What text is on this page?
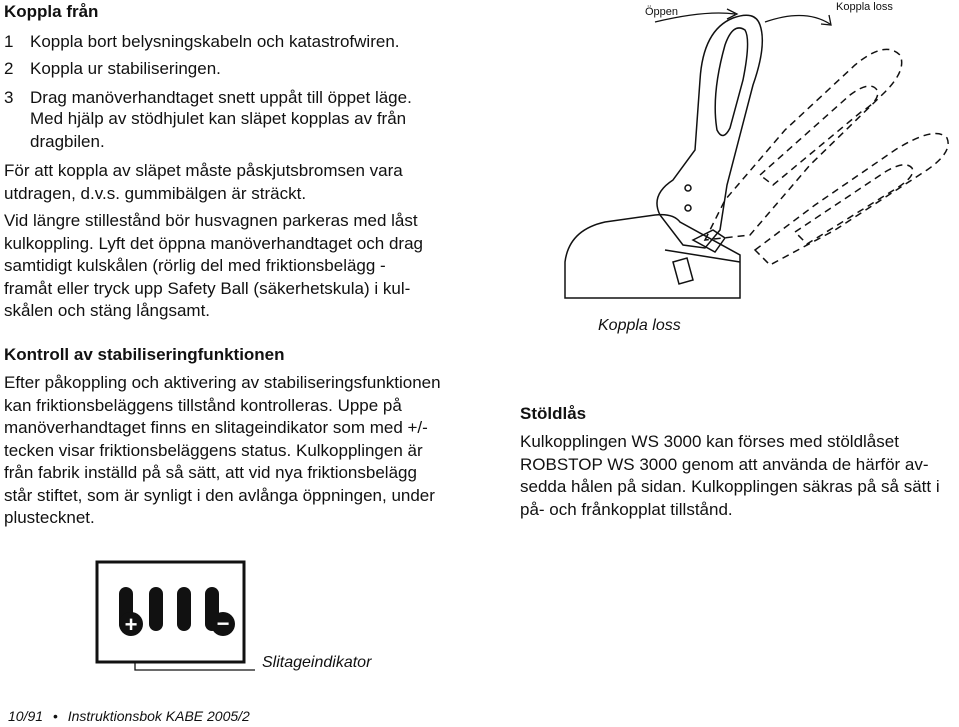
Koppla från
1 Koppla bort belysningskabeln och katastrofwiren.
2 Koppla ur stabiliseringen.
3 Drag manöverhandtaget snett uppåt till öppet läge.
Med hjälp av stödhjulet kan släpet kopplas av från
dragbilen.
För att koppla av släpet måste påskjutsbromsen vara
utdragen, d.v.s. gummibälgen är sträckt.
Vid längre stillestånd bör husvagnen parkeras med låst
kulkoppling. Lyft det öppna manöverhandtaget och drag
samtidigt kulskålen (rörlig del med friktionsbelägg -
framåt eller tryck upp Safety Ball (säkerhetskula) i kul-
skålen och stäng långsamt.
Kontroll av stabiliseringfunktionen
Efter påkoppling och aktivering av stabiliseringsfunktionen
kan friktionsbeläggens tillstånd kontrolleras. Uppe på
manöverhandtaget finns en slitageindikator som med +/-
tecken visar friktionsbeläggens status. Kulkopplingen är
från fabrik inställd på så sätt, att vid nya friktionsbelägg
står stiftet, som är synligt i den avlånga öppningen, under
plustecknet.
Öppen	Koppla loss
Koppla loss
Stöldlås
Kulkopplingen WS 3000 kan förses med stöldlåset
ROBSTOP WS 3000 genom att använda de härför av-
sedda hålen på sidan. Kulkopplingen säkras på så sätt i
på- och frånkopplat tillstånd.
+	−
Slitageindikator
10/91 • Instruktionsbok KABE 2005/2
